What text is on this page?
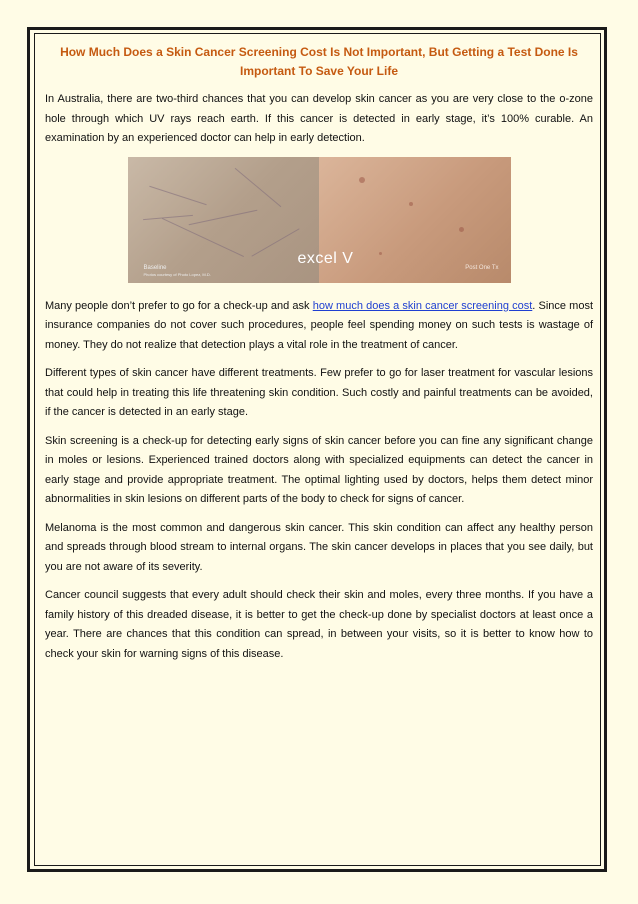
How Much Does a Skin Cancer Screening Cost Is Not Important, But Getting a Test Done Is Important To Save Your Life

In Australia, there are two-third chances that you can develop skin cancer as you are very close to the o-zone hole through which UV rays reach earth. If this cancer is detected in early stage, it’s 100% curable. An examination by an experienced doctor can help in early detection.

Baseline
Photos courtesy of Photo Lopez, M.D.
Post One Tx
excel V

Many people don’t prefer to go for a check-up and ask how much does a skin cancer screening cost. Since most insurance companies do not cover such procedures, people feel spending money on such tests is wastage of money. They do not realize that detection plays a vital role in the treatment of cancer.

Different types of skin cancer have different treatments. Few prefer to go for laser treatment for vascular lesions that could help in treating this life threatening skin condition. Such costly and painful treatments can be avoided, if the cancer is detected in an early stage.

Skin screening is a check-up for detecting early signs of skin cancer before you can fine any significant change in moles or lesions. Experienced trained doctors along with specialized equipments can detect the cancer in early stage and provide appropriate treatment. The optimal lighting used by doctors, helps them detect minor abnormalities in skin lesions on different parts of the body to check for signs of cancer.

Melanoma is the most common and dangerous skin cancer. This skin condition can affect any healthy person and spreads through blood stream to internal organs. The skin cancer develops in places that you see daily, but you are not aware of its severity.

Cancer council suggests that every adult should check their skin and moles, every three months. If you have a family history of this dreaded disease, it is better to get the check-up done by specialist doctors at least once a year. There are chances that this condition can spread, in between your visits, so it is better to know how to check your skin for warning signs of this disease.
